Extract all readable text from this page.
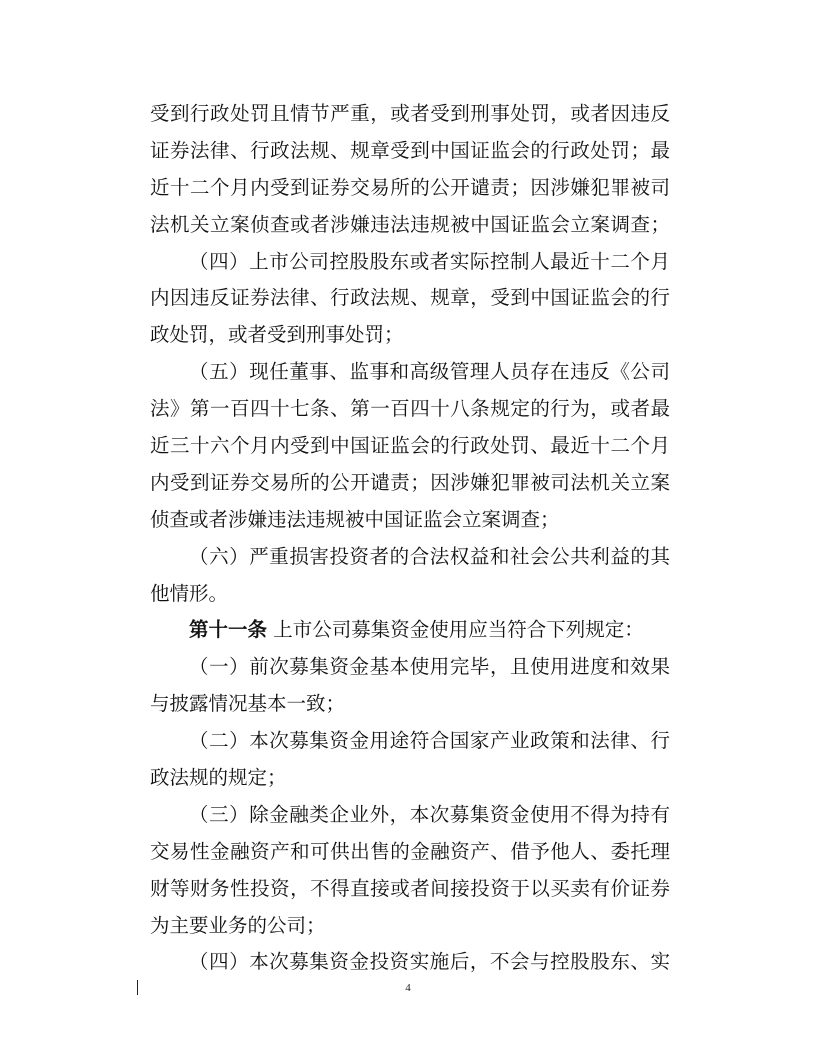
受到行政处罚且情节严重，或者受到刑事处罚，或者因违反
证券法律、行政法规、规章受到中国证监会的行政处罚；最
近十二个月内受到证券交易所的公开谴责；因涉嫌犯罪被司
法机关立案侦查或者涉嫌违法违规被中国证监会立案调查；
（四）上市公司控股股东或者实际控制人最近十二个月
内因违反证券法律、行政法规、规章，受到中国证监会的行
政处罚，或者受到刑事处罚；
（五）现任董事、监事和高级管理人员存在违反《公司
法》第一百四十七条、第一百四十八条规定的行为，或者最
近三十六个月内受到中国证监会的行政处罚、最近十二个月
内受到证券交易所的公开谴责；因涉嫌犯罪被司法机关立案
侦查或者涉嫌违法违规被中国证监会立案调查；
（六）严重损害投资者的合法权益和社会公共利益的其
他情形。
第十一条 上市公司募集资金使用应当符合下列规定：
（一）前次募集资金基本使用完毕，且使用进度和效果
与披露情况基本一致；
（二）本次募集资金用途符合国家产业政策和法律、行
政法规的规定；
（三）除金融类企业外，本次募集资金使用不得为持有
交易性金融资产和可供出售的金融资产、借予他人、委托理
财等财务性投资，不得直接或者间接投资于以买卖有价证券
为主要业务的公司；
（四）本次募集资金投资实施后，不会与控股股东、实
4
